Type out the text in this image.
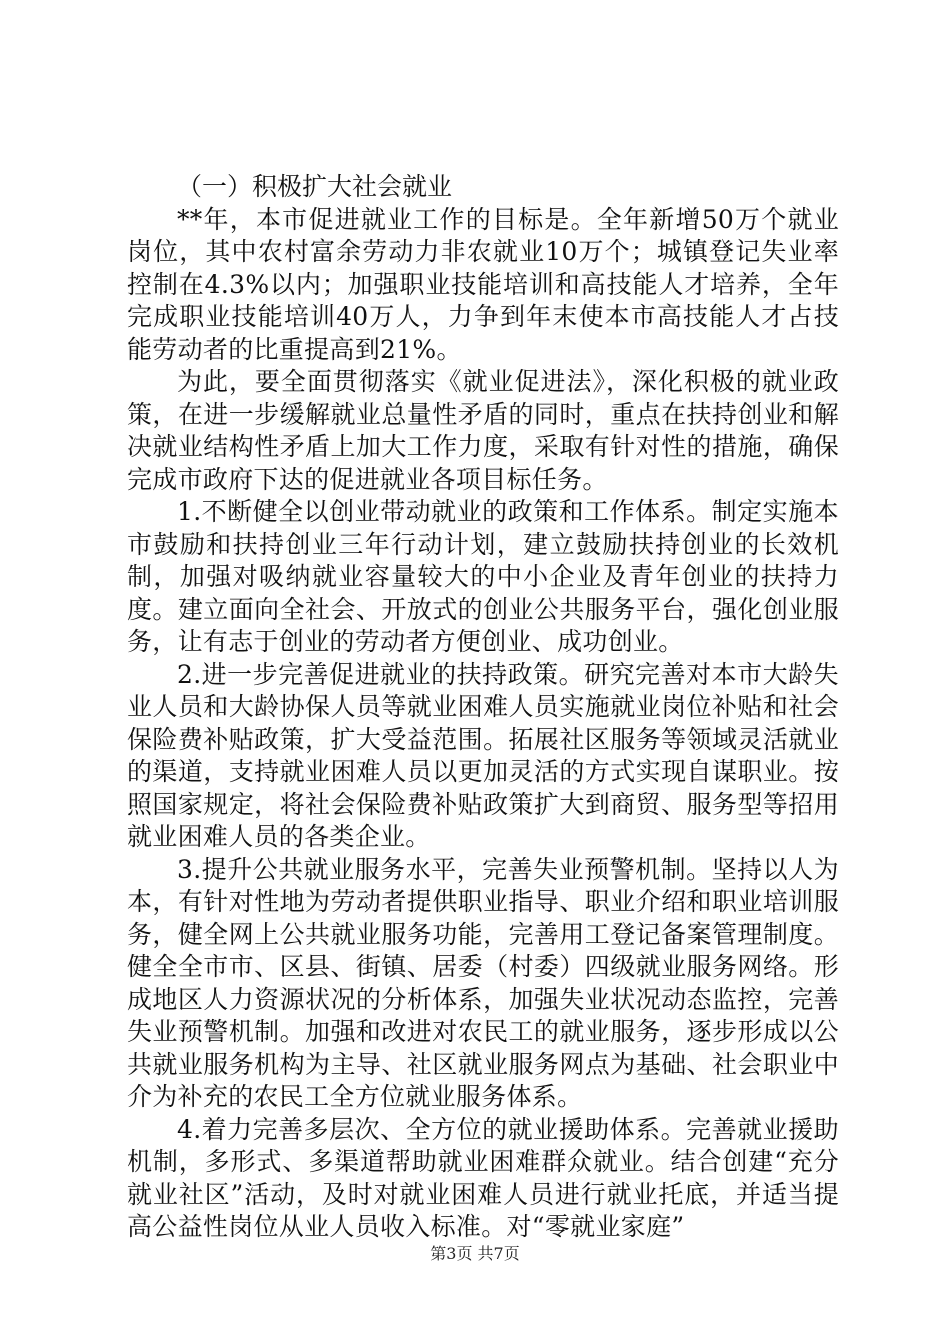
（一）积极扩大社会就业

**年，本市促进就业工作的目标是。全年新增50万个就业岗位，其中农村富余劳动力非农就业10万个；城镇登记失业率控制在4.3%以内；加强职业技能培训和高技能人才培养，全年完成职业技能培训40万人，力争到年末使本市高技能人才占技能劳动者的比重提高到21%。

为此，要全面贯彻落实《就业促进法》，深化积极的就业政策，在进一步缓解就业总量性矛盾的同时，重点在扶持创业和解决就业结构性矛盾上加大工作力度，采取有针对性的措施，确保完成市政府下达的促进就业各项目标任务。

1.不断健全以创业带动就业的政策和工作体系。制定实施本市鼓励和扶持创业三年行动计划，建立鼓励扶持创业的长效机制，加强对吸纳就业容量较大的中小企业及青年创业的扶持力度。建立面向全社会、开放式的创业公共服务平台，强化创业服务，让有志于创业的劳动者方便创业、成功创业。

2.进一步完善促进就业的扶持政策。研究完善对本市大龄失业人员和大龄协保人员等就业困难人员实施就业岗位补贴和社会保险费补贴政策，扩大受益范围。拓展社区服务等领域灵活就业的渠道，支持就业困难人员以更加灵活的方式实现自谋职业。按照国家规定，将社会保险费补贴政策扩大到商贸、服务型等招用就业困难人员的各类企业。

3.提升公共就业服务水平，完善失业预警机制。坚持以人为本，有针对性地为劳动者提供职业指导、职业介绍和职业培训服务，健全网上公共就业服务功能，完善用工登记备案管理制度。健全全市市、区县、街镇、居委（村委）四级就业服务网络。形成地区人力资源状况的分析体系，加强失业状况动态监控，完善失业预警机制。加强和改进对农民工的就业服务，逐步形成以公共就业服务机构为主导、社区就业服务网点为基础、社会职业中介为补充的农民工全方位就业服务体系。

4.着力完善多层次、全方位的就业援助体系。完善就业援助机制，多形式、多渠道帮助就业困难群众就业。结合创建“充分就业社区”活动，及时对就业困难人员进行就业托底，并适当提高公益性岗位从业人员收入标准。对“零就业家庭”

第3页 共7页
